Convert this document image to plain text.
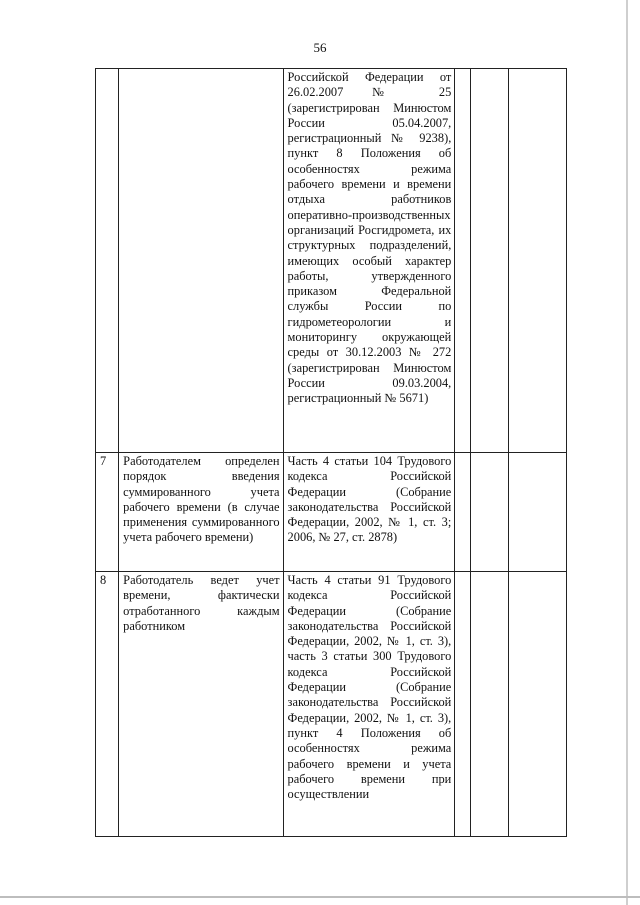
56

		Российской Федерации от 26.02.2007 № 25 (зарегистрирован Минюстом России 05.04.2007, регистрационный № 9238), пункт 8 Положения об особенностях режима рабочего времени и времени отдыха работников оперативно-производственных организаций Росгидромета, их структурных подразделений, имеющих особый характер работы, утвержденного приказом Федеральной службы России по гидрометеорологии и мониторингу окружающей среды от 30.12.2003 № 272 (зарегистрирован Минюстом России 09.03.2004, регистрационный № 5671)			

7	Работодателем определен порядок введения суммированного учета рабочего времени (в случае применения суммированного учета рабочего времени)	Часть 4 статьи 104 Трудового кодекса Российской Федерации (Собрание законодательства Российской Федерации, 2002, № 1, ст. 3; 2006, № 27, ст. 2878)			

8	Работодатель ведет учет времени, фактически отработанного каждым работником	Часть 4 статьи 91 Трудового кодекса Российской Федерации (Собрание законодательства Российской Федерации, 2002, № 1, ст. 3), часть 3 статьи 300 Трудового кодекса Российской Федерации (Собрание законодательства Российской Федерации, 2002, № 1, ст. 3), пункт 4 Положения об особенностях режима рабочего времени и учета рабочего времени при осуществлении			
